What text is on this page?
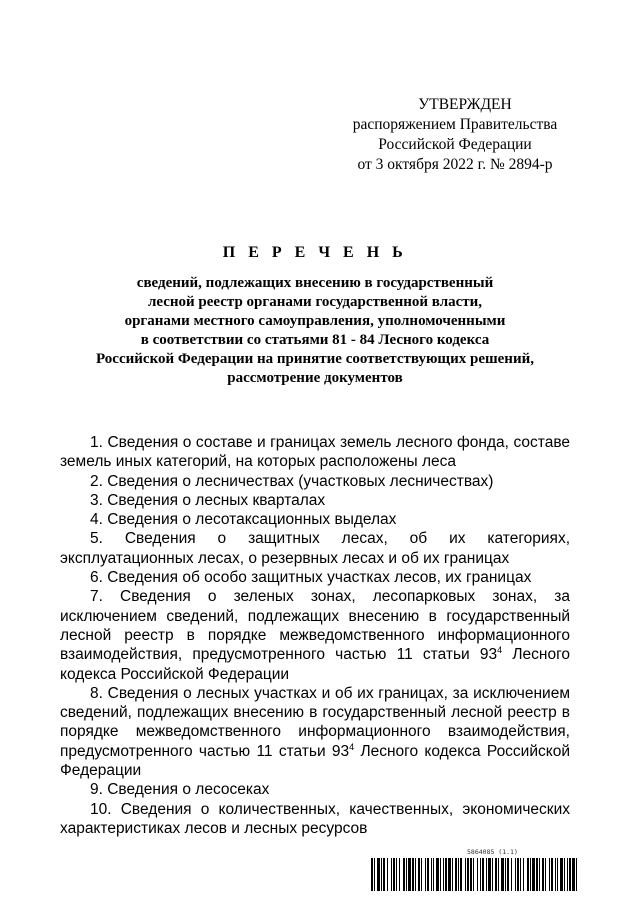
УТВЕРЖДЕН
распоряжением Правительства
Российской Федерации
от 3 октября 2022 г. № 2894-р
П Е Р Е Ч Е Н Ь
сведений, подлежащих внесению в государственный
лесной реестр органами государственной власти,
органами местного самоуправления, уполномоченными
в соответствии со статьями 81 - 84 Лесного кодекса
Российской Федерации на принятие соответствующих решений,
рассмотрение документов

1. Сведения о составе и границах земель лесного фонда, составе земель иных категорий, на которых расположены леса

2. Сведения о лесничествах (участковых лесничествах)

3. Сведения о лесных кварталах

4. Сведения о лесотаксационных выделах

5. Сведения о защитных лесах, об их категориях, эксплуатационных лесах, о резервных лесах и об их границах

6. Сведения об особо защитных участках лесов, их границах

7. Сведения о зеленых зонах, лесопарковых зонах, за исключением сведений, подлежащих внесению в государственный лесной реестр в порядке межведомственного информационного взаимодействия, предусмотренного частью 11 статьи $93^4$ Лесного кодекса Российской Федерации

8. Сведения о лесных участках и об их границах, за исключением сведений, подлежащих внесению в государственный лесной реестр в порядке межведомственного информационного взаимодействия, предусмотренного частью 11 статьи $93^4$ Лесного кодекса Российской Федерации

9. Сведения о лесосеках

10. Сведения о количественных, качественных, экономических характеристиках лесов и лесных ресурсов

5864085 (1.1)
